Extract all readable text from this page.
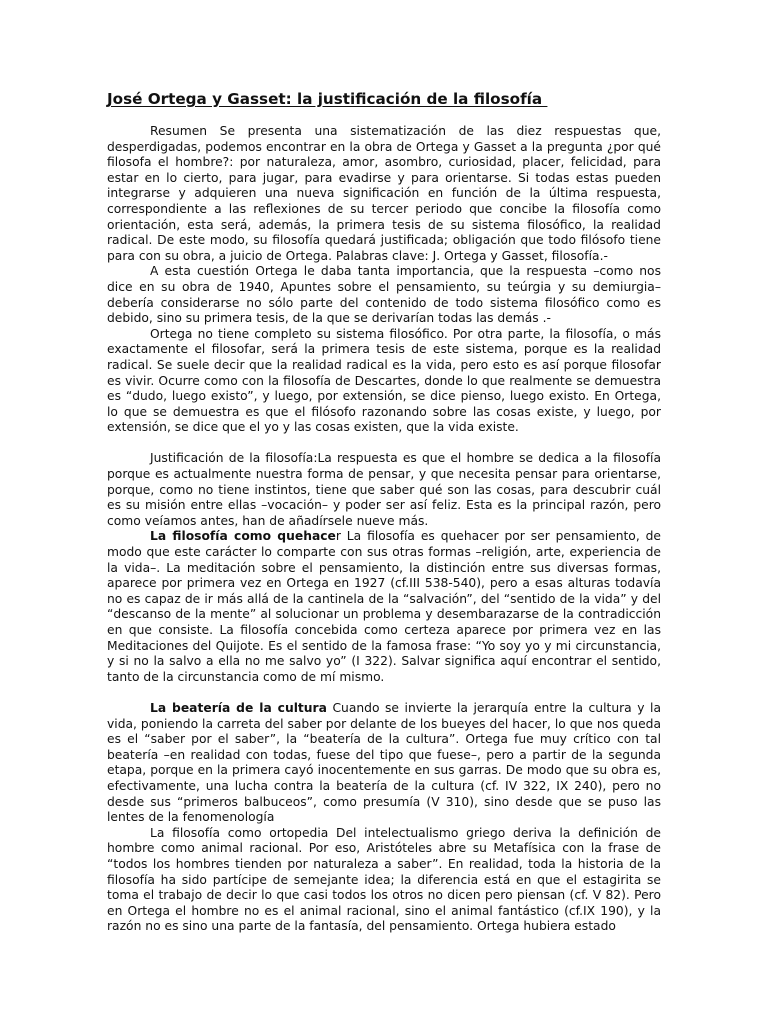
José Ortega y Gasset: la justificación de la filosofía

Resumen Se presenta una sistematización de las diez respuestas que, desperdigadas, podemos encontrar en la obra de Ortega y Gasset a la pregunta ¿por qué filosofa el hombre?: por naturaleza, amor, asombro, curiosidad, placer, felicidad, para estar en lo cierto, para jugar, para evadirse y para orientarse. Si todas estas pueden integrarse y adquieren una nueva significación en función de la última respuesta, correspondiente a las reflexiones de su tercer periodo que concibe la filosofía como orientación, esta será, además, la primera tesis de su sistema filosófico, la realidad radical. De este modo, su filosofía quedará justificada; obligación que todo filósofo tiene para con su obra, a juicio de Ortega. Palabras clave: J. Ortega y Gasset, filosofía.-

A esta cuestión Ortega le daba tanta importancia, que la respuesta –como nos dice en su obra de 1940, Apuntes sobre el pensamiento, su teúrgia y su demiurgia– debería considerarse no sólo parte del contenido de todo sistema filosófico como es debido, sino su primera tesis, de la que se derivarían todas las demás .-

Ortega no tiene completo su sistema filosófico. Por otra parte, la filosofía, o más exactamente el filosofar, será la primera tesis de este sistema, porque es la realidad radical. Se suele decir que la realidad radical es la vida, pero esto es así porque filosofar es vivir. Ocurre como con la filosofía de Descartes, donde lo que realmente se demuestra es “dudo, luego existo”, y luego, por extensión, se dice pienso, luego existo. En Ortega, lo que se demuestra es que el filósofo razonando sobre las cosas existe, y luego, por extensión, se dice que el yo y las cosas existen, que la vida existe.

Justificación de la filosofía:La respuesta es que el hombre se dedica a la filosofía porque es actualmente nuestra forma de pensar, y que necesita pensar para orientarse, porque, como no tiene instintos, tiene que saber qué son las cosas, para descubrir cuál es su misión entre ellas –vocación– y poder ser así feliz. Esta es la principal razón, pero como veíamos antes, han de añadírsele nueve más.

La filosofía como quehacer La filosofía es quehacer por ser pensamiento, de modo que este carácter lo comparte con sus otras formas –religión, arte, experiencia de la vida–. La meditación sobre el pensamiento, la distinción entre sus diversas formas, aparece por primera vez en Ortega en 1927 (cf.III 538-540), pero a esas alturas todavía no es capaz de ir más allá de la cantinela de la “salvación”, del “sentido de la vida” y del “descanso de la mente” al solucionar un problema y desembarazarse de la contradicción en que consiste. La filosofía concebida como certeza aparece por primera vez en las Meditaciones del Quijote. Es el sentido de la famosa frase: “Yo soy yo y mi circunstancia, y si no la salvo a ella no me salvo yo” (I 322). Salvar significa aquí encontrar el sentido, tanto de la circunstancia como de mí mismo.

La beatería de la cultura Cuando se invierte la jerarquía entre la cultura y la vida, poniendo la carreta del saber por delante de los bueyes del hacer, lo que nos queda es el “saber por el saber”, la “beatería de la cultura”. Ortega fue muy crítico con tal beatería –en realidad con todas, fuese del tipo que fuese–, pero a partir de la segunda etapa, porque en la primera cayó inocentemente en sus garras. De modo que su obra es, efectivamente, una lucha contra la beatería de la cultura (cf. IV 322, IX 240), pero no desde sus “primeros balbuceos”, como presumía (V 310), sino desde que se puso las lentes de la fenomenología

La filosofía como ortopedia Del intelectualismo griego deriva la definición de hombre como animal racional. Por eso, Aristóteles abre su Metafísica con la frase de “todos los hombres tienden por naturaleza a saber”. En realidad, toda la historia de la filosofía ha sido partícipe de semejante idea; la diferencia está en que el estagirita se toma el trabajo de decir lo que casi todos los otros no dicen pero piensan (cf. V 82). Pero en Ortega el hombre no es el animal racional, sino el animal fantástico (cf.IX 190), y la razón no es sino una parte de la fantasía, del pensamiento. Ortega hubiera estado
